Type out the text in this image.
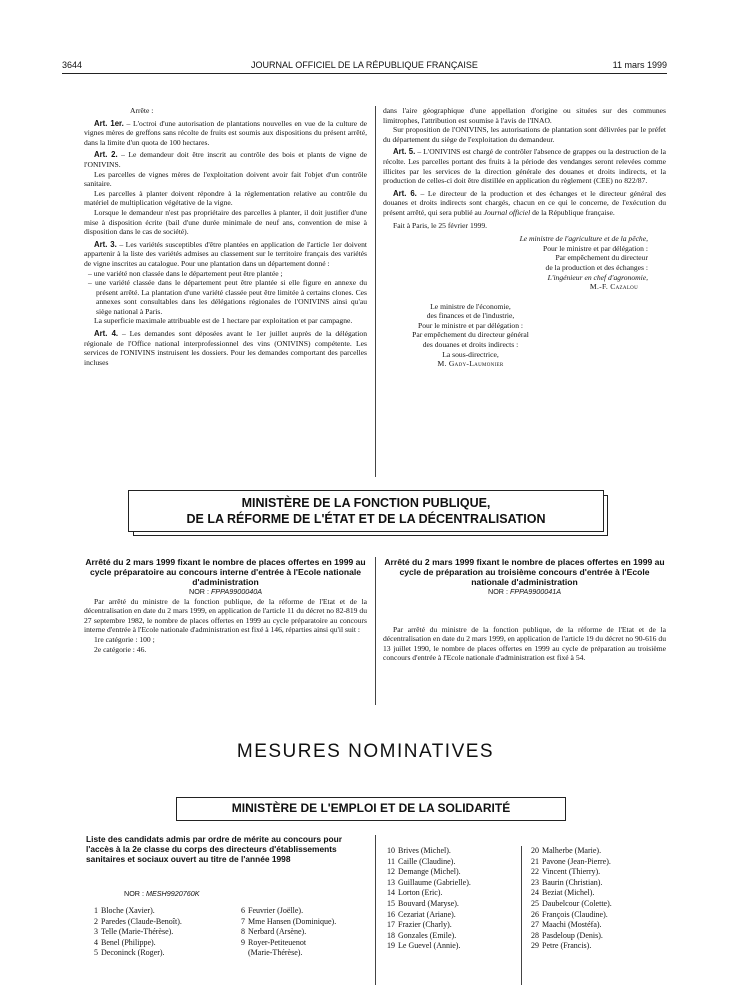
3644	JOURNAL OFFICIEL DE LA RÉPUBLIQUE FRANÇAISE	11 mars 1999

Arrête :

Art. 1er. – L'octroi d'une autorisation de plantations nouvelles en vue de la culture de vignes mères de greffons sans récolte de fruits est soumis aux dispositions du présent arrêté, dans la limite d'un quota de 100 hectares.

Art. 2. – Le demandeur doit être inscrit au contrôle des bois et plants de vigne de l'ONIVINS.

Les parcelles de vignes mères de l'exploitation doivent avoir fait l'objet d'un contrôle sanitaire.

Les parcelles à planter doivent répondre à la réglementation relative au contrôle du matériel de multiplication végétative de la vigne.

Lorsque le demandeur n'est pas propriétaire des parcelles à planter, il doit justifier d'une mise à disposition écrite (bail d'une durée minimale de neuf ans, convention de mise à disposition dans le cas de société).

Art. 3. – Les variétés susceptibles d'être plantées en application de l'article 1er doivent appartenir à la liste des variétés admises au classement sur le territoire français des variétés de vigne inscrites au catalogue. Pour une plantation dans un département donné :

– une variété non classée dans le département peut être plantée ;

– une variété classée dans le département peut être plantée si elle figure en annexe du présent arrêté. La plantation d'une variété classée peut être limitée à certains clones. Ces annexes sont consultables dans les délégations régionales de l'ONIVINS ainsi qu'au siège national à Paris.

La superficie maximale attribuable est de 1 hectare par exploitation et par campagne.

Art. 4. – Les demandes sont déposées avant le 1er juillet auprès de la délégation régionale de l'Office national interprofessionnel des vins (ONIVINS) compétente. Les services de l'ONIVINS instruisent les dossiers. Pour les demandes comportant des parcelles incluses

dans l'aire géographique d'une appellation d'origine ou situées sur des communes limitrophes, l'attribution est soumise à l'avis de l'INAO.

Sur proposition de l'ONIVINS, les autorisations de plantation sont délivrées par le préfet du département du siège de l'exploitation du demandeur.

Art. 5. – L'ONIVINS est chargé de contrôler l'absence de grappes ou la destruction de la récolte. Les parcelles portant des fruits à la période des vendanges seront relevées comme illicites par les services de la direction générale des douanes et droits indirects, et la production de celles-ci doit être distillée en application du règlement (CEE) no 822/87.

Art. 6. – Le directeur de la production et des échanges et le directeur général des douanes et droits indirects sont chargés, chacun en ce qui le concerne, de l'exécution du présent arrêté, qui sera publié au Journal officiel de la République française.

Fait à Paris, le 25 février 1999.

Le ministre de l'agriculture et de la pêche,
Pour le ministre et par délégation :
Par empêchement du directeur
de la production et des échanges :
L'ingénieur en chef d'agronomie,
M.-F. Cazalou
Le ministre de l'économie,
des finances et de l'industrie,
Pour le ministre et par délégation :
Par empêchement du directeur général
des douanes et droits indirects :
La sous-directrice,
M. Gady-Laumonier
MINISTÈRE DE LA FONCTION PUBLIQUE,
DE LA RÉFORME DE L'ÉTAT ET DE LA DÉCENTRALISATION

Arrêté du 2 mars 1999 fixant le nombre de places offertes en 1999 au cycle préparatoire au concours interne d'entrée à l'Ecole nationale d'administration

NOR : FPPA9900040A

Par arrêté du ministre de la fonction publique, de la réforme de l'Etat et de la décentralisation en date du 2 mars 1999, en application de l'article 11 du décret no 82-819 du 27 septembre 1982, le nombre de places offertes en 1999 au cycle préparatoire au concours interne d'entrée à l'Ecole nationale d'administration est fixé à 146, réparties ainsi qu'il suit :

1re catégorie : 100 ;

2e catégorie : 46.

Arrêté du 2 mars 1999 fixant le nombre de places offertes en 1999 au cycle de préparation au troisième concours d'entrée à l'Ecole nationale d'administration

NOR : FPPA9900041A

Par arrêté du ministre de la fonction publique, de la réforme de l'Etat et de la décentralisation en date du 2 mars 1999, en application de l'article 19 du décret no 90-616 du 13 juillet 1990, le nombre de places offertes en 1999 au cycle de préparation au troisième concours d'entrée à l'Ecole nationale d'administration est fixé à 54.

MESURES NOMINATIVES
MINISTÈRE DE L'EMPLOI ET DE LA SOLIDARITÉ
Liste des candidats admis par ordre de mérite au concours pour l'accès à la 2e classe du corps des directeurs d'établissements sanitaires et sociaux ouvert au titre de l'année 1998
NOR : MESH9920760K
1 Bloche (Xavier).
2 Paredes (Claude-Benoît).
3 Telle (Marie-Thérèse).
4 Benel (Philippe).
5 Deconinck (Roger).
6 Feuvrier (Joëlle).
7 Mme Hansen (Dominique).
8 Nerbard (Arsène).
9 Royer-Petiteuenot
(Marie-Thérèse).
10 Brives (Michel).
11 Caille (Claudine).
12 Demange (Michel).
13 Guillaume (Gabrielle).
14 Lorton (Eric).
15 Bouvard (Maryse).
16 Cezariat (Ariane).
17 Frazier (Charly).
18 Gonzales (Emile).
19 Le Guevel (Annie).
20 Malherbe (Marie).
21 Pavone (Jean-Pierre).
22 Vincent (Thierry).
23 Baurin (Christian).
24 Beziat (Michel).
25 Daubelcour (Colette).
26 François (Claudine).
27 Maachi (Mostéfa).
28 Pasdeloup (Denis).
29 Petre (Francis).
